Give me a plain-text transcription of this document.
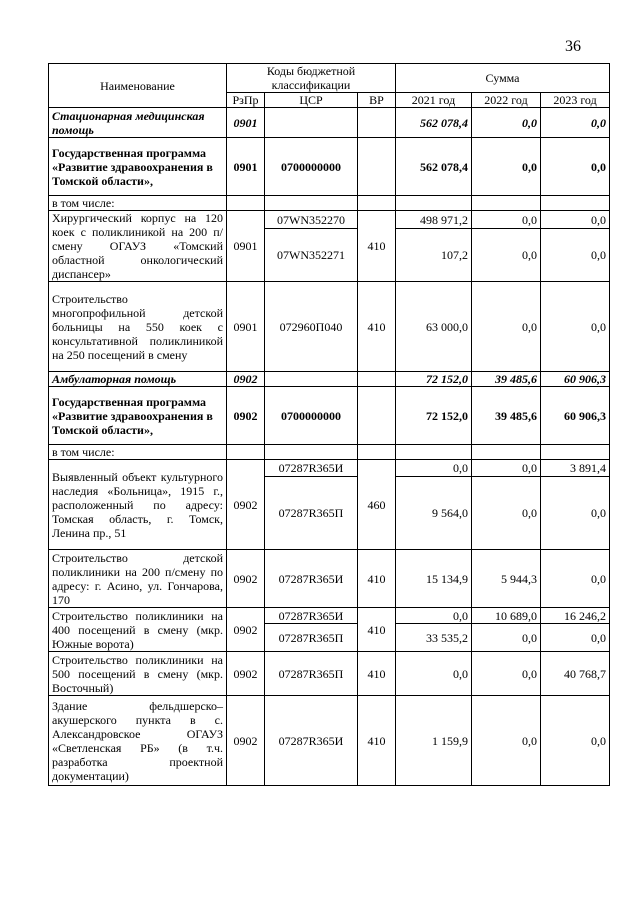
36
Наименование	Коды бюджетной классификации			Сумма		
	РзПр	ЦСР	ВР	2021 год	2022 год	2023 год
Стационарная медицинская помощь	0901			562 078,4	0,0	0,0
Государственная программа «Развитие здравоохранения в Томской области»,	0901	0700000000		562 078,4	0,0	0,0
в том числе:						
Хирургический корпус на 120 коек с поликлиникой на 200 п/смену ОГАУЗ «Томский областной онкологический диспансер»	0901	07WN352270	410	498 971,2	0,0	0,0
		07WN352271		107,2	0,0	0,0
Строительство многопрофильной детской больницы на 550 коек с консультативной поликлиникой на 250 посещений в смену	0901	072960П040	410	63 000,0	0,0	0,0
Амбулаторная помощь	0902			72 152,0	39 485,6	60 906,3
Государственная программа «Развитие здравоохранения в Томской области»,	0902	0700000000		72 152,0	39 485,6	60 906,3
в том числе:						
Выявленный объект культурного наследия «Больница», 1915 г., расположенный по адресу: Томская область, г. Томск, Ленина пр., 51	0902	07287R365И	460	0,0	0,0	3 891,4
		07287R365П		9 564,0	0,0	0,0
Строительство детской поликлиники на 200 п/смену по адресу: г. Асино, ул. Гончарова, 170	0902	07287R365И	410	15 134,9	5 944,3	0,0
Строительство поликлиники на 400 посещений в смену (мкр. Южные ворота)	0902	07287R365И	410	0,0	10 689,0	16 246,2
		07287R365П		33 535,2	0,0	0,0
Строительство поликлиники на 500 посещений в смену (мкр. Восточный)	0902	07287R365П	410	0,0	0,0	40 768,7
Здание фельдшерско–акушерского пункта в с. Александровское ОГАУЗ «Светленская РБ» (в т.ч. разработка проектной документации)	0902	07287R365И	410	1 159,9	0,0	0,0
